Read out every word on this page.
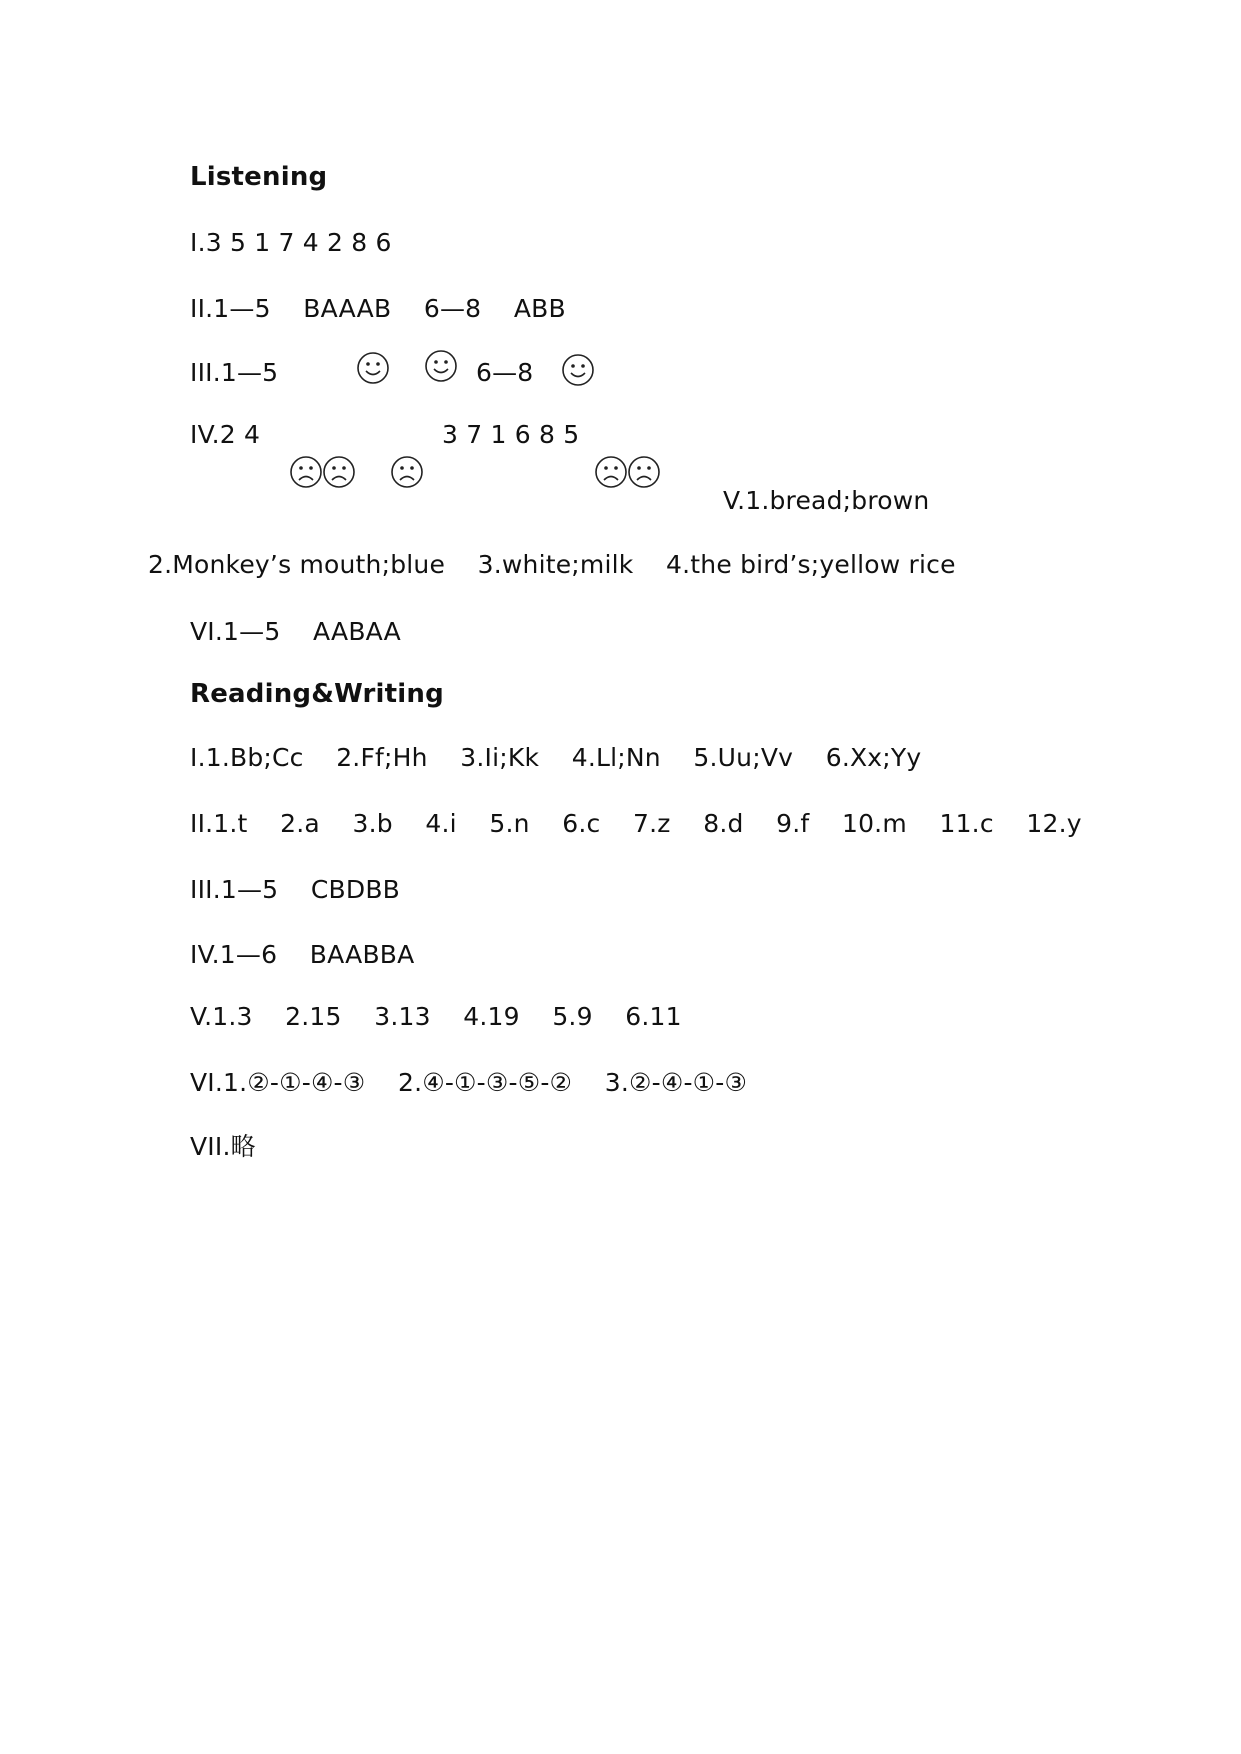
Listening
I.3 5 1 7 4 2 8 6
II.1—5    BAAAB    6—8    ABB
III.1—5	6—8
IV.2 4	3 7 1 6 8 5
V.1.bread;brown
2.Monkey’s mouth;blue    3.white;milk    4.the bird’s;yellow rice
VI.1—5    AABAA
Reading&Writing
I.1.Bb;Cc    2.Ff;Hh    3.Ii;Kk    4.Ll;Nn    5.Uu;Vv    6.Xx;Yy
II.1.t    2.a    3.b    4.i    5.n    6.c    7.z    8.d    9.f    10.m    11.c    12.y
III.1—5    CBDBB
IV.1—6    BAABBA
V.1.3    2.15    3.13    4.19    5.9    6.11
VI.1.②-①-④-③    2.④-①-③-⑤-②    3.②-④-①-③
VII.略
